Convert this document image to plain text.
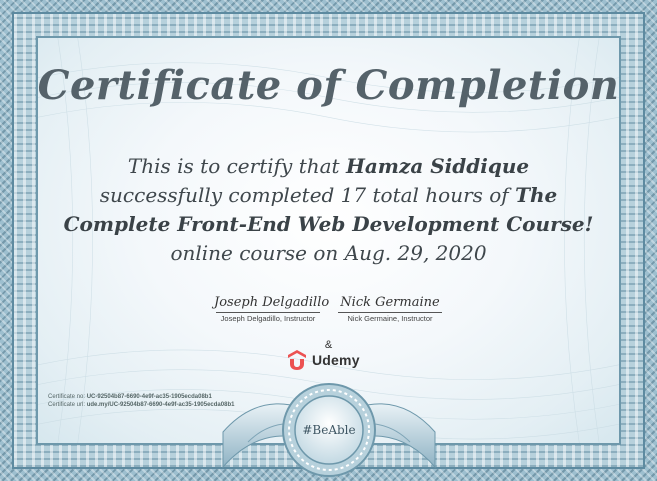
Certificate of Completion
This is to certify that Hamza Siddique
successfully completed 17 total hours of The
Complete Front-End Web Development Course!
online course on Aug. 29, 2020
Joseph Delgadillo
Joseph Delgadillo, Instructor
Nick Germaine
Nick Germaine, Instructor
&
Udemy
Certificate no: UC-92504b87-6690-4e9f-ac35-1905ecda08b1
Certificate url: ude.my/UC-92504b87-6690-4e9f-ac35-1905ecda08b1
#BeAble
